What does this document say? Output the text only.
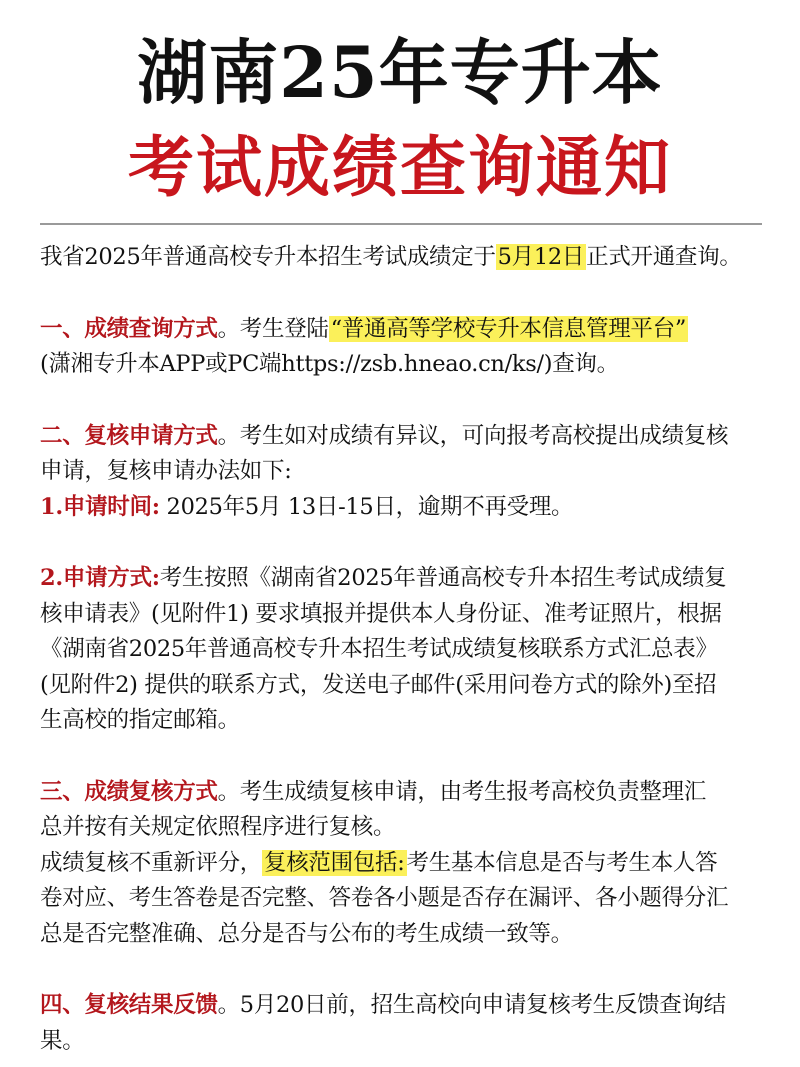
湖南25年专升本
考试成绩查询通知
我省2025年普通高校专升本招生考试成绩定于5月12日正式开通查询。
一、成绩查询方式。考生登陆“普通高等学校专升本信息管理平台”
(潇湘专升本APP或PC端https://zsb.hneao.cn/ks/)查询。
二、复核申请方式。考生如对成绩有异议，可向报考高校提出成绩复核
申请，复核申请办法如下:
1.申请时间: 2025年5月 13日-15日，逾期不再受理。
2.申请方式:考生按照《湖南省2025年普通高校专升本招生考试成绩复
核申请表》(见附件1) 要求填报并提供本人身份证、准考证照片，根据
《湖南省2025年普通高校专升本招生考试成绩复核联系方式汇总表》
(见附件2) 提供的联系方式，发送电子邮件(采用问卷方式的除外)至招
生高校的指定邮箱。
三、成绩复核方式。考生成绩复核申请，由考生报考高校负责整理汇
总并按有关规定依照程序进行复核。
成绩复核不重新评分，复核范围包括:考生基本信息是否与考生本人答
卷对应、考生答卷是否完整、答卷各小题是否存在漏评、各小题得分汇
总是否完整准确、总分是否与公布的考生成绩一致等。
四、复核结果反馈。5月20日前，招生高校向申请复核考生反馈查询结
果。
